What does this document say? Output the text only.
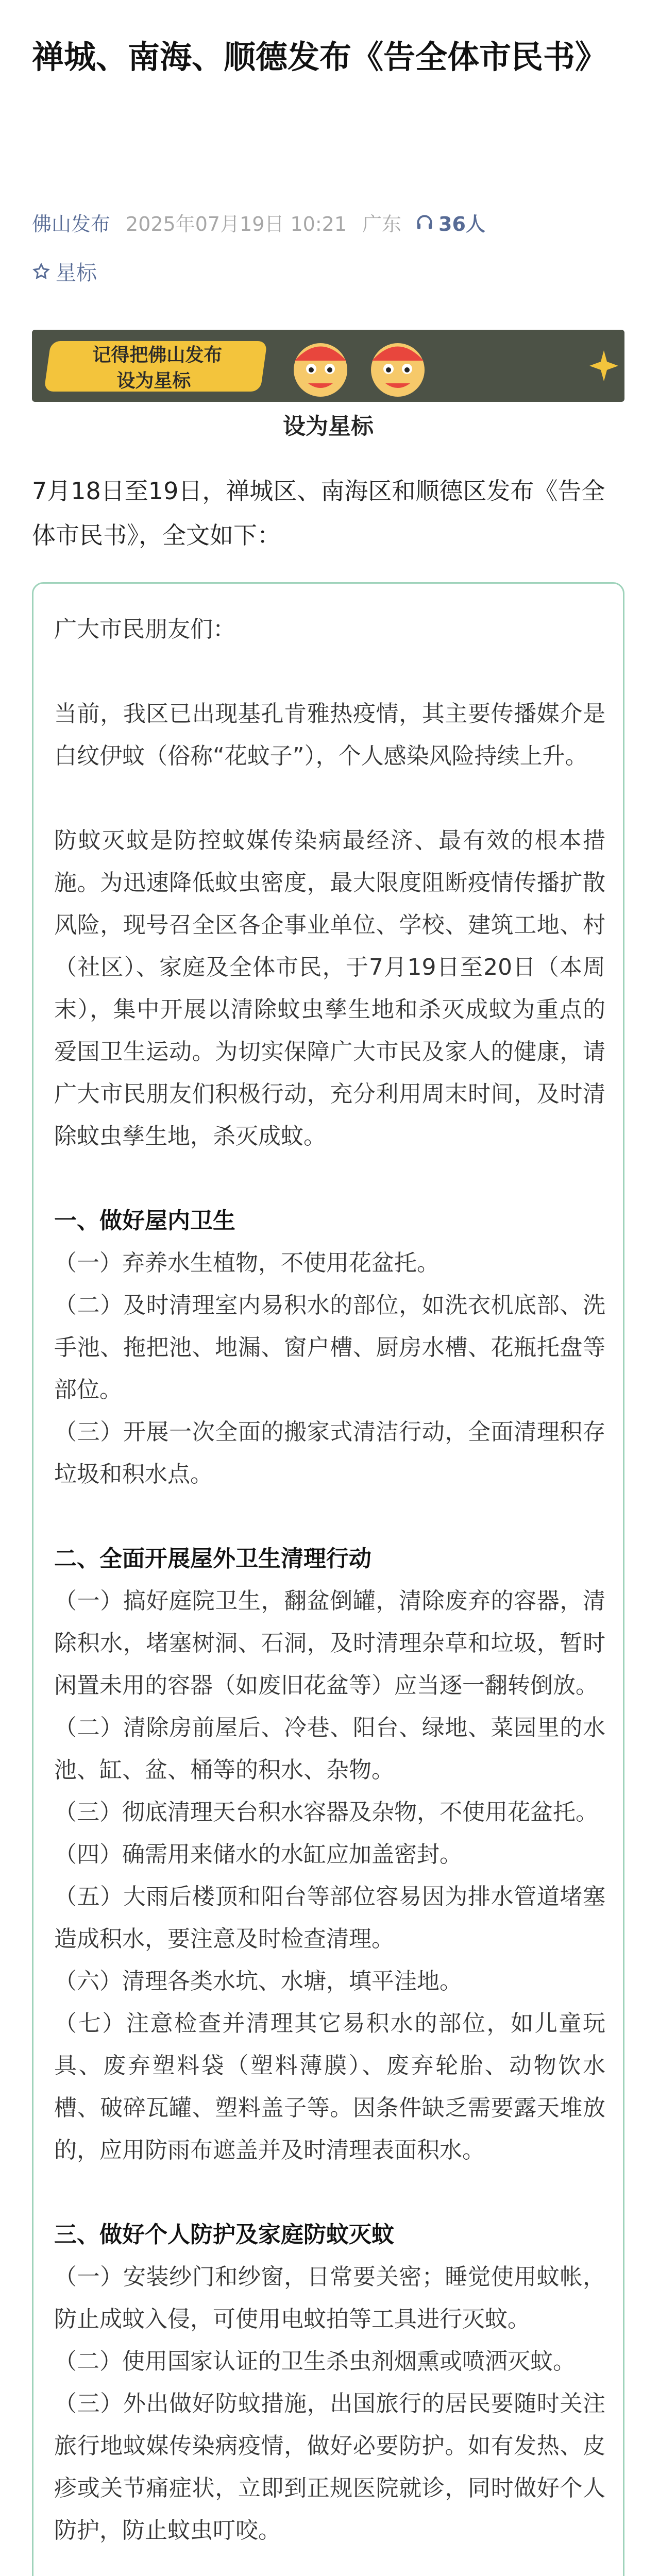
禅城、南海、顺德发布《告全体市民书》
佛山发布 2025年07月19日 10:21 广东 36人
星标
记得把佛山发布
设为星标
设为星标

7月18日至19日，禅城区、南海区和顺德区发布《告全体市民书》，全文如下：

广大市民朋友们：

当前，我区已出现基孔肯雅热疫情，其主要传播媒介是白纹伊蚊（俗称“花蚊子”），个人感染风险持续上升。

防蚊灭蚊是防控蚊媒传染病最经济、最有效的根本措施。为迅速降低蚊虫密度，最大限度阻断疫情传播扩散风险，现号召全区各企事业单位、学校、建筑工地、村（社区）、家庭及全体市民，于7月19日至20日（本周末），集中开展以清除蚊虫孳生地和杀灭成蚊为重点的爱国卫生运动。为切实保障广大市民及家人的健康，请广大市民朋友们积极行动，充分利用周末时间，及时清除蚊虫孳生地，杀灭成蚊。

一、做好屋内卫生

（一）弃养水生植物，不使用花盆托。

（二）及时清理室内易积水的部位，如洗衣机底部、洗手池、拖把池、地漏、窗户槽、厨房水槽、花瓶托盘等部位。

（三）开展一次全面的搬家式清洁行动，全面清理积存垃圾和积水点。

二、全面开展屋外卫生清理行动

（一）搞好庭院卫生，翻盆倒罐，清除废弃的容器，清除积水，堵塞树洞、石洞，及时清理杂草和垃圾，暂时闲置未用的容器（如废旧花盆等）应当逐一翻转倒放。

（二）清除房前屋后、冷巷、阳台、绿地、菜园里的水池、缸、盆、桶等的积水、杂物。

（三）彻底清理天台积水容器及杂物，不使用花盆托。

（四）确需用来储水的水缸应加盖密封。

（五）大雨后楼顶和阳台等部位容易因为排水管道堵塞造成积水，要注意及时检查清理。

（六）清理各类水坑、水塘，填平洼地。

（七）注意检查并清理其它易积水的部位，如儿童玩具、废弃塑料袋（塑料薄膜）、废弃轮胎、动物饮水槽、破碎瓦罐、塑料盖子等。因条件缺乏需要露天堆放的，应用防雨布遮盖并及时清理表面积水。

三、做好个人防护及家庭防蚊灭蚊

（一）安装纱门和纱窗，日常要关密；睡觉使用蚊帐，防止成蚊入侵，可使用电蚊拍等工具进行灭蚊。

（二）使用国家认证的卫生杀虫剂烟熏或喷洒灭蚊。

（三）外出做好防蚊措施，出国旅行的居民要随时关注旅行地蚊媒传染病疫情，做好必要防护。如有发热、皮疹或关节痛症状，立即到正规医院就诊，同时做好个人防护，防止蚊虫叮咬。
